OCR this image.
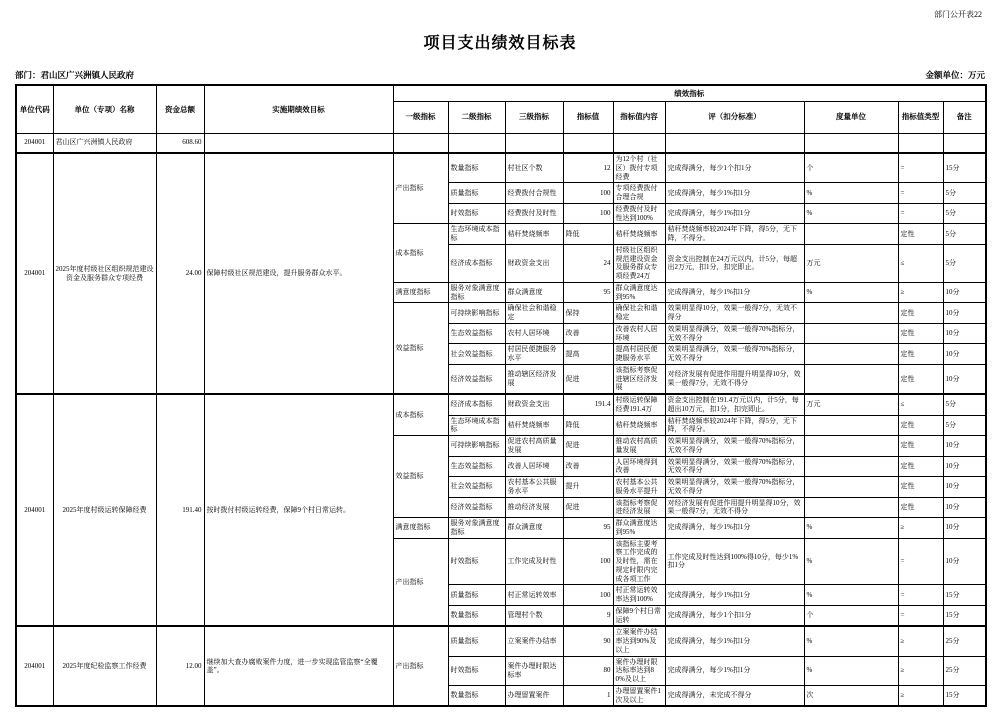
部门公开表22
项目支出绩效目标表
部门：君山区广兴洲镇人民政府	金额单位：万元
单位代码	单位（专项）名称	资金总额	实施期绩效目标	绩效指标								
				一级指标	二级指标	三级指标	指标值	指标值内容	评（扣分标准）	度量单位	指标值类型	备注
204001	君山区广兴洲镇人民政府	608.60										
204001	2025年度村级社区组织规范建设资金及服务群众专项经费	24.00	保障村级社区规范建设，提升服务群众水平。	产出指标	数量指标	村社区个数	12	为12个村（社区）拨付专项经费	完成得满分，每少1个扣1分	个	=	15分
					质量指标	经费拨付合规性	100	专项经费拨付合理合规	完成得满分，每少1%扣1分	%	=	5分
					时效指标	经费拨付及时性	100	经费拨付及时性达到100%	完成得满分，每少1%扣1分	%	=	5分
				成本指标	生态环境成本指标	秸秆焚烧频率	降低	秸秆焚烧频率	秸秆焚烧频率较2024年下降，得5分，无下降，不得分。		定性	5分
					经济成本指标	财政资金支出	24	村级社区组织规范建设资金及服务群众专项经费24万	资金支出控制在24万元以内，计5分，每超出2万元，扣1分，扣完即止。	万元	≤	5分
				满意度指标	服务对象满意度指标	群众满意度	95	群众满意度达到95%	完成得满分，每少1%扣1分	%	≥	10分
				效益指标	可持续影响指标	确保社会和谐稳定	保持	确保社会和谐稳定	效果明显得10分，效果一般得7分，无效不得分		定性	10分
					生态效益指标	农村人居环境	改善	改善农村人居环境	效果明显得满分，效果一般得70%指标分，无效不得分		定性	10分
					社会效益指标	村居民便捷服务水平	提高	提高村居民便捷服务水平	效果明显得满分，效果一般得70%指标分，无效不得分		定性	10分
					经济效益指标	推动辖区经济发展	促进	该指标考察促进辖区经济发展	对经济发展有促进作用提升明显得10分，效果一般得7分，无效不得分		定性	10分
204001	2025年度村级运转保障经费	191.40	按时拨付村级运转经费，保障9个村日常运转。	成本指标	经济成本指标	财政资金支出	191.4	村级运转保障经费191.4万	资金支出控制在191.4万元以内，计5分，每超出10万元，扣1分，扣完即止。	万元	≤	5分
					生态环境成本指标	秸秆焚烧频率	降低	秸秆焚烧频率	秸秆焚烧频率较2024年下降，得5分，无下降，不得分。		定性	5分
				效益指标	可持续影响指标	促进农村高质量发展	促进	推动农村高质量发展	效果明显得满分，效果一般得70%指标分，无效不得分		定性	10分
					生态效益指标	改善人居环境	改善	人居环境得到改善	效果明显得满分，效果一般得70%指标分，无效不得分		定性	10分
					社会效益指标	农村基本公共服务水平	提升	农村基本公共服务水平提升	效果明显得满分，效果一般得70%指标分，无效不得分		定性	10分
					经济效益指标	推动经济发展	促进	该指标考察促进经济发展	对经济发展有促进作用提升明显得10分，效果一般得7分，无效不得分		定性	10分
				满意度指标	服务对象满意度指标	群众满意度	95	群众满意度达到95%	完成得满分，每少1%扣1分	%	≥	10分
				产出指标	时效指标	工作完成及时性	100	该指标主要考察工作完成的及时性，需在规定时限内完成各项工作	工作完成及时性达到100%得10分，每少1%扣1分	%	=	10分
					质量指标	村正常运转效率	100	村正常运转效率达到100%	完成得满分，每少1%扣1分	%	=	15分
					数量指标	管理村个数	9	保障9个村日常运转	完成得满分，每少1个扣1分	个	=	15分
204001	2025年度纪检监察工作经费	12.00	继续加大查办腐败案件力度，进一步实现监管监察“全覆盖”。	产出指标	质量指标	立案案件办结率	90	立案案件办结率达到90%及以上	完成得满分，每少1%扣1分	%	≥	25分
					时效指标	案件办理时限达标率	80	案件办理时限达标率达到80%及以上	完成得满分，每少1%扣1分	%	≥	25分
					数量指标	办理留置案件	1	办理留置案件1次及以上	完成得满分，未完成不得分	次	≥	15分
